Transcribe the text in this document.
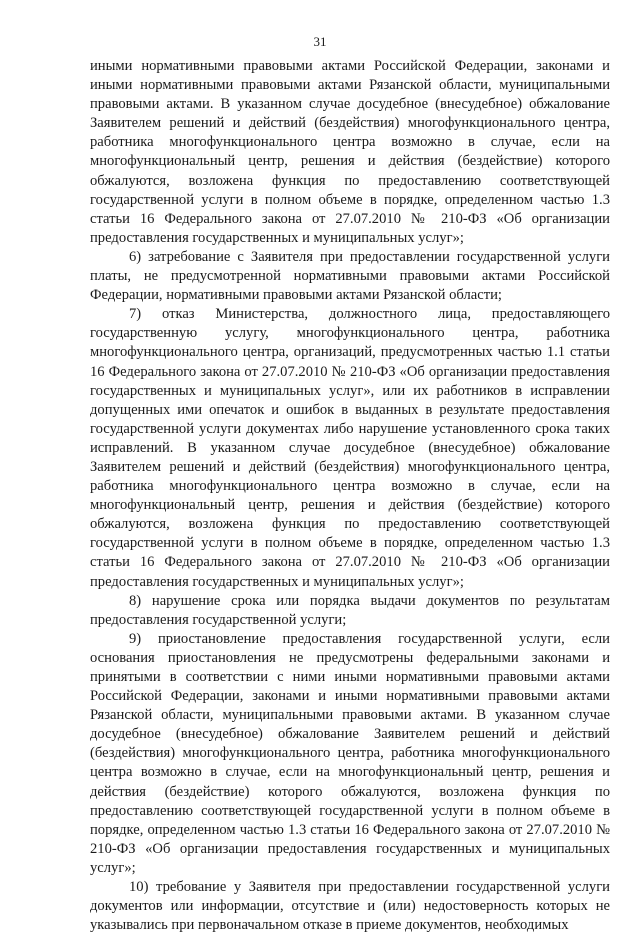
31

иными нормативными правовыми актами Российской Федерации, законами и иными нормативными правовыми актами Рязанской области, муниципальными правовыми актами. В указанном случае досудебное (внесудебное) обжалование Заявителем решений и действий (бездействия) многофункционального центра, работника многофункционального центра возможно в случае, если на многофункциональный центр, решения и действия (бездействие) которого обжалуются, возложена функция по предоставлению соответствующей государственной услуги в полном объеме в порядке, определенном частью 1.3 статьи 16 Федерального закона от 27.07.2010 № 210-ФЗ «Об организации предоставления государственных и муниципальных услуг»;

6) затребование с Заявителя при предоставлении государственной услуги платы, не предусмотренной нормативными правовыми актами Российской Федерации, нормативными правовыми актами Рязанской области;

7) отказ Министерства, должностного лица, предоставляющего государственную услугу, многофункционального центра, работника многофункционального центра, организаций, предусмотренных частью 1.1 статьи 16 Федерального закона от 27.07.2010 № 210-ФЗ «Об организации предоставления государственных и муниципальных услуг», или их работников в исправлении допущенных ими опечаток и ошибок в выданных в результате предоставления государственной услуги документах либо нарушение установленного срока таких исправлений. В указанном случае досудебное (внесудебное) обжалование Заявителем решений и действий (бездействия) многофункционального центра, работника многофункционального центра возможно в случае, если на многофункциональный центр, решения и действия (бездействие) которого обжалуются, возложена функция по предоставлению соответствующей государственной услуги в полном объеме в порядке, определенном частью 1.3 статьи 16 Федерального закона от 27.07.2010 № 210-ФЗ «Об организации предоставления государственных и муниципальных услуг»;

8) нарушение срока или порядка выдачи документов по результатам предоставления государственной услуги;

9) приостановление предоставления государственной услуги, если основания приостановления не предусмотрены федеральными законами и принятыми в соответствии с ними иными нормативными правовыми актами Российской Федерации, законами и иными нормативными правовыми актами Рязанской области, муниципальными правовыми актами. В указанном случае досудебное (внесудебное) обжалование Заявителем решений и действий (бездействия) многофункционального центра, работника многофункционального центра возможно в случае, если на многофункциональный центр, решения и действия (бездействие) которого обжалуются, возложена функция по предоставлению соответствующей государственной услуги в полном объеме в порядке, определенном частью 1.3 статьи 16 Федерального закона от 27.07.2010 № 210-ФЗ «Об организации предоставления государственных и муниципальных услуг»;

10) требование у Заявителя при предоставлении государственной услуги документов или информации, отсутствие и (или) недостоверность которых не указывались при первоначальном отказе в приеме документов, необходимых
